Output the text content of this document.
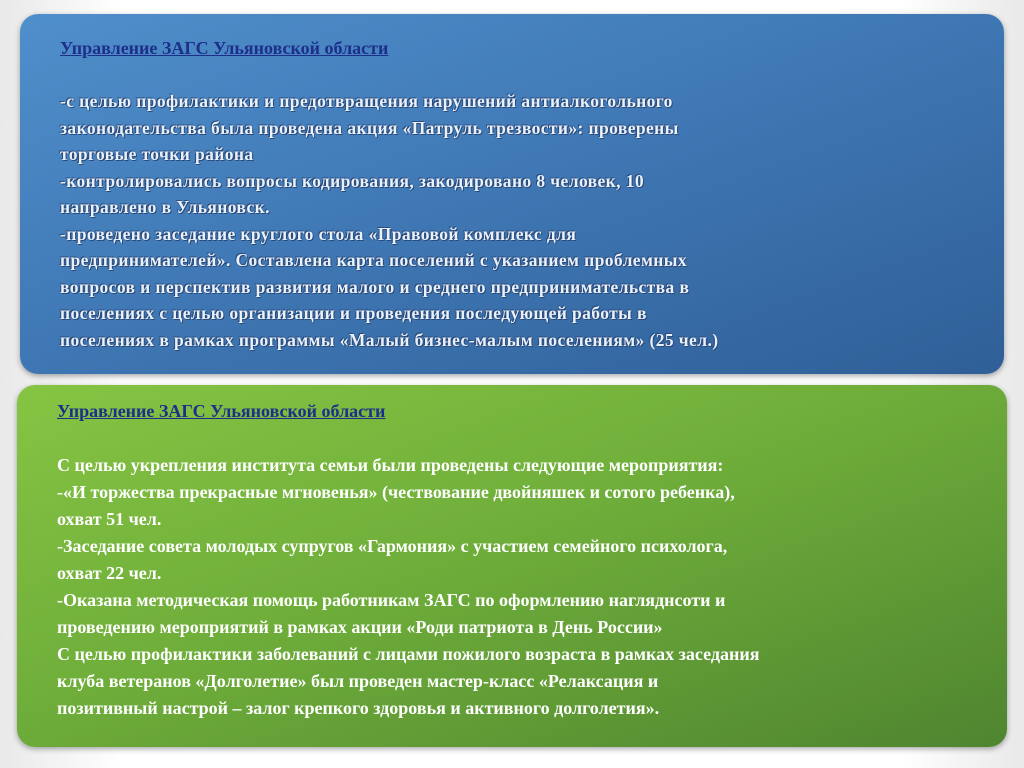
Управление ЗАГС Ульяновской области

-с целью профилактики и предотвращения нарушений антиалкогольного
законодательства была проведена акция «Патруль трезвости»: проверены
торговые точки района
-контролировались вопросы кодирования, закодировано 8 человек, 10
направлено в Ульяновск.
-проведено заседание круглого стола «Правовой комплекс для
предпринимателей». Составлена карта поселений с указанием проблемных
вопросов и перспектив развития малого и среднего предпринимательства в
поселениях с целью организации и проведения последующей работы в
поселениях в рамках программы «Малый бизнес-малым поселениям» (25 чел.)

Управление ЗАГС Ульяновской области

С целью укрепления института семьи были проведены следующие мероприятия:
-«И торжества прекрасные мгновенья» (чествование двойняшек и сотого ребенка),
охват 51 чел.
-Заседание совета молодых супругов «Гармония» с участием семейного психолога,
охват 22 чел.
-Оказана методическая помощь работникам ЗАГС по оформлению нагляднсоти и
проведению мероприятий в рамках акции «Роди патриота в День России»
С целью профилактики заболеваний с лицами пожилого возраста в рамках заседания
клуба ветеранов «Долголетие» был проведен мастер-класс «Релаксация и
позитивный настрой – залог крепкого здоровья и активного долголетия».
